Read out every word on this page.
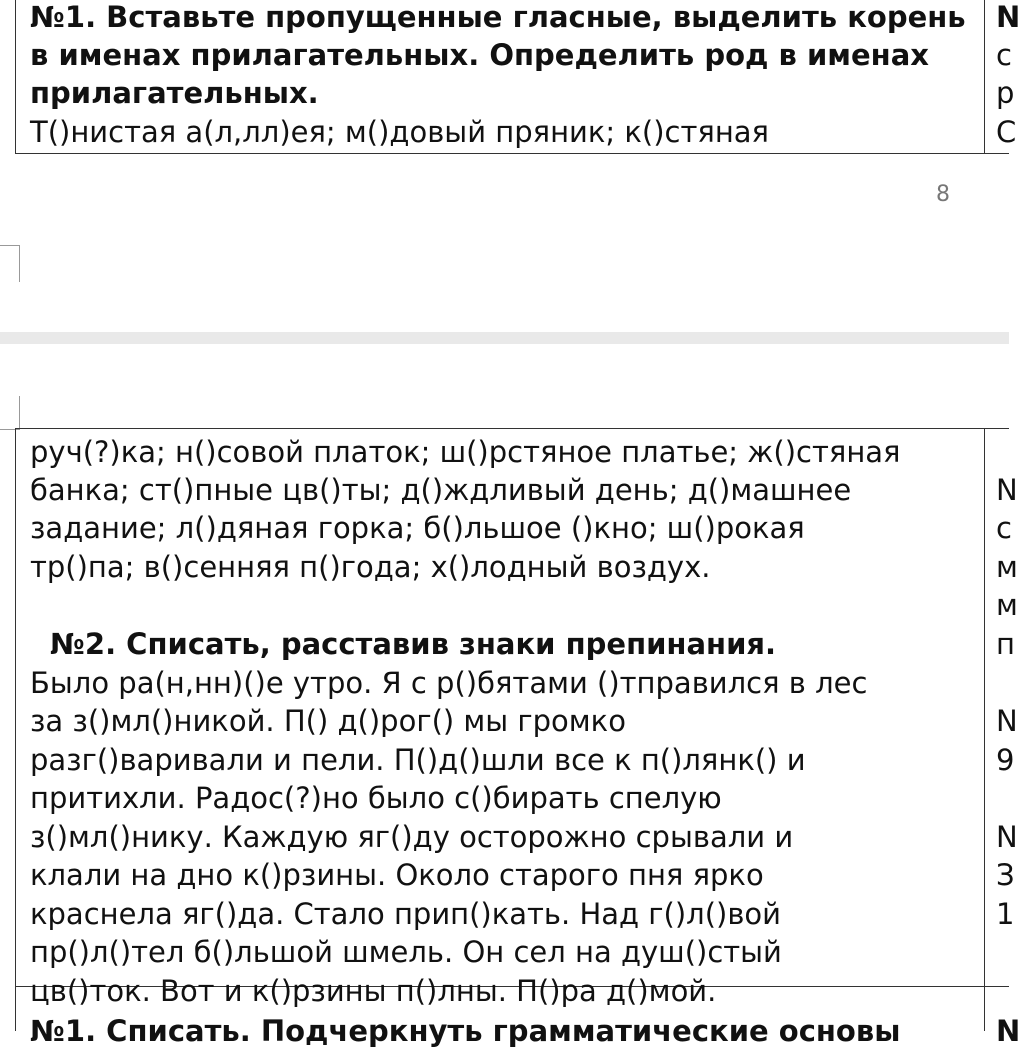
№1. Вставьте пропущенные гласные, выделить корень
в именах прилагательных. Определить род в именах
прилагательных.
Т()нистая а(л,лл)ея; м()довый пряник; к()стяная
N
с
р
С
8
руч(?)ка; н()совой платок; ш()рстяное платье; ж()стяная
банка; ст()пные цв()ты; д()ждливый день; д()машнее
задание; л()дяная горка; б()льшое ()кно; ш()рокая
тр()па; в()сенняя п()года; х()лодный воздух.
№2. Списать, расставив знаки препинания.
Было ра(н,нн)()е утро. Я с р()бятами ()тправился в лес
за з()мл()никой. П() д()рог() мы громко
разг()варивали и пели. П()д()шли все к п()лянк() и
притихли. Радос(?)но было с()бирать спелую
з()мл()нику. Каждую яг()ду осторожно срывали и
клали на дно к()рзины. Около старого пня ярко
краснела яг()да. Стало прип()кать. Над г()л()вой
пр()л()тел б()льшой шмель. Он сел на душ()стый
цв()ток. Вот и к()рзины п()лны. П()ра д()мой.
№1. Списать. Подчеркнуть грамматические основы
N
с
м
м
п
N
9
N
З
1
N
